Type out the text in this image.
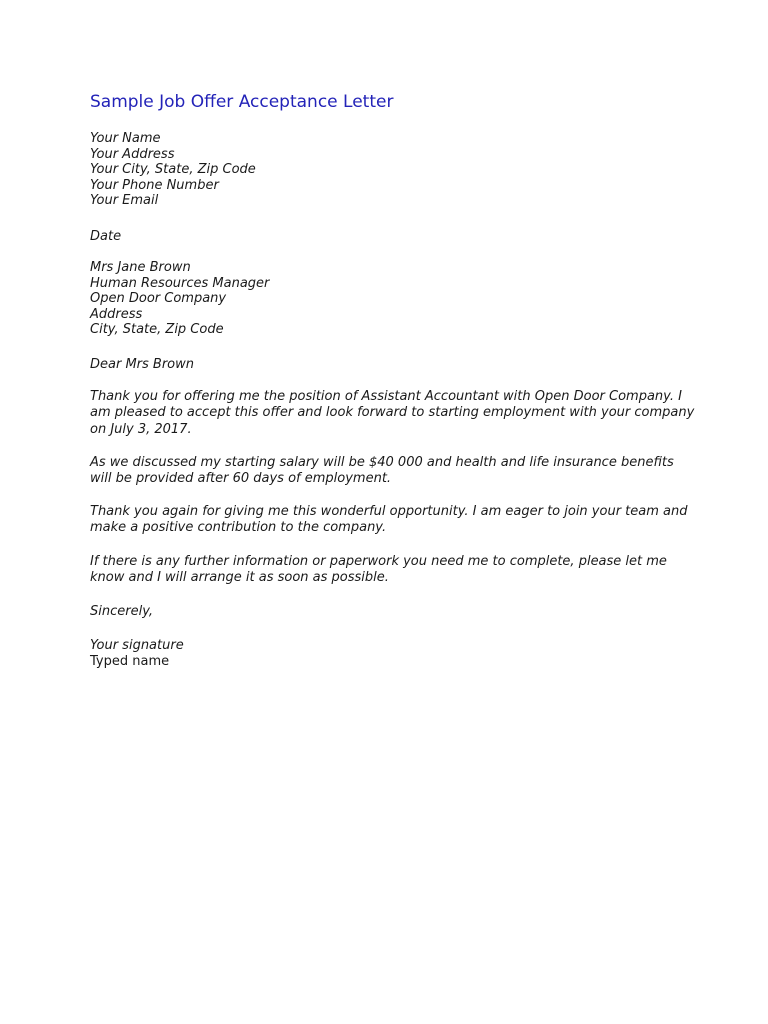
Sample Job Offer Acceptance Letter
Your Name
Your Address
Your City, State, Zip Code
Your Phone Number
Your Email
Date
Mrs Jane Brown
Human Resources Manager
Open Door Company
Address
City, State, Zip Code
Dear Mrs Brown

Thank you for offering me the position of Assistant Accountant with Open Door Company. I
am pleased to accept this offer and look forward to starting employment with your company
on July 3, 2017.

As we discussed my starting salary will be $40 000 and health and life insurance benefits
will be provided after 60 days of employment.

Thank you again for giving me this wonderful opportunity. I am eager to join your team and
make a positive contribution to the company.

If there is any further information or paperwork you need me to complete, please let me
know and I will arrange it as soon as possible.

Sincerely,
Your signature
Typed name
